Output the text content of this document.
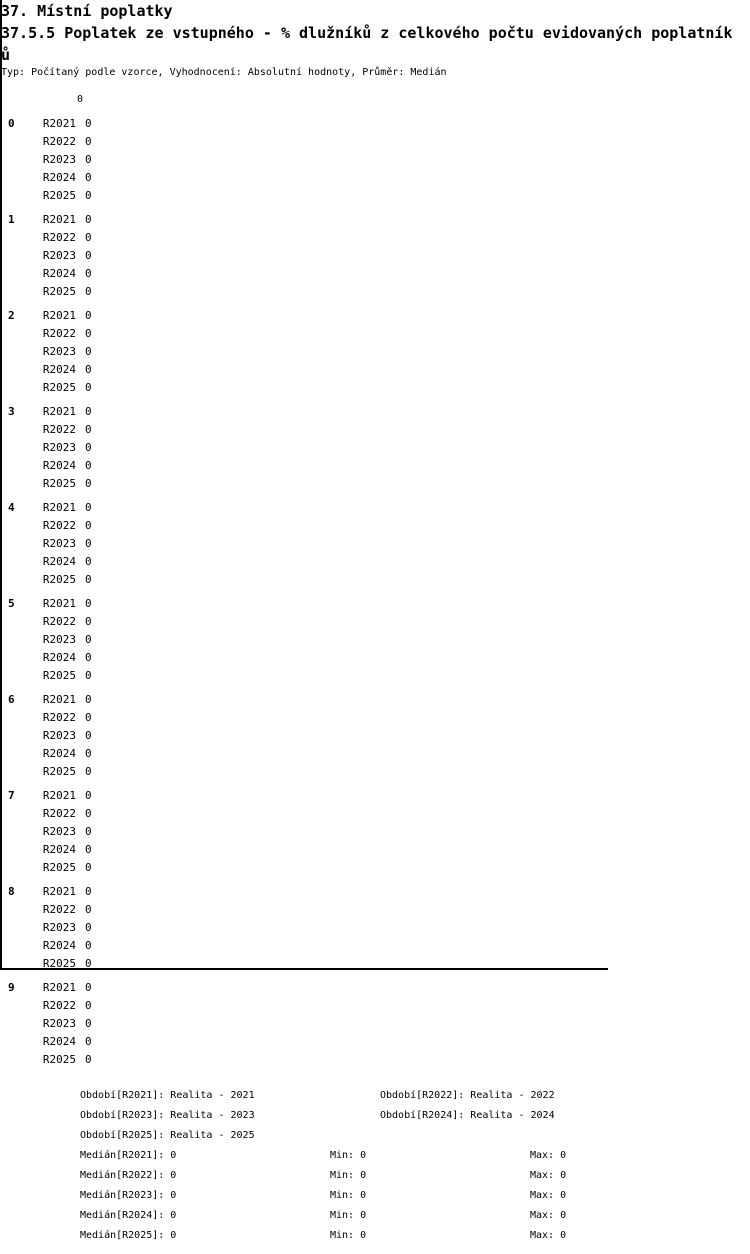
37. Místní poplatky
37.5.5 Poplatek ze vstupného - % dlužníků z celkového počtu evidovaných poplatník
ů
Typ: Počítaný podle vzorce, Vyhodnocení: Absolutní hodnoty, Průměr: Medián
0
0	R2021 0
R2022 0
R2023 0
R2024 0
R2025 0
1	R2021 0
R2022 0
R2023 0
R2024 0
R2025 0
2	R2021 0
R2022 0
R2023 0
R2024 0
R2025 0
3	R2021 0
R2022 0
R2023 0
R2024 0
R2025 0
4	R2021 0
R2022 0
R2023 0
R2024 0
R2025 0
5	R2021 0
R2022 0
R2023 0
R2024 0
R2025 0
6	R2021 0
R2022 0
R2023 0
R2024 0
R2025 0
7	R2021 0
R2022 0
R2023 0
R2024 0
R2025 0
8	R2021 0
R2022 0
R2023 0
R2024 0
R2025 0
9	R2021 0
R2022 0
R2023 0
R2024 0
R2025 0
Období[R2021]: Realita - 2021	Období[R2022]: Realita - 2022
Období[R2023]: Realita - 2023	Období[R2024]: Realita - 2024
Období[R2025]: Realita - 2025
Medián[R2021]: 0	Min: 0	Max: 0
Medián[R2022]: 0	Min: 0	Max: 0
Medián[R2023]: 0	Min: 0	Max: 0
Medián[R2024]: 0	Min: 0	Max: 0
Medián[R2025]: 0	Min: 0	Max: 0
